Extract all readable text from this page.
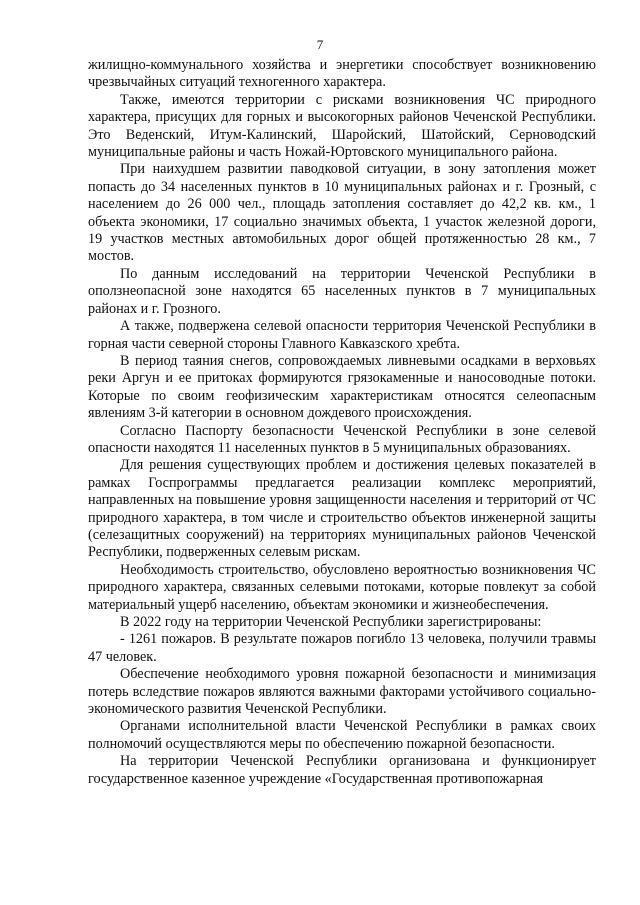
7

жилищно-коммунального хозяйства и энергетики способствует возникновению чрезвычайных ситуаций техногенного характера.

Также, имеются территории с рисками возникновения ЧС природного характера, присущих для горных и высокогорных районов Чеченской Республики. Это Веденский, Итум-Калинский, Шаройский, Шатойский, Серноводский муниципальные районы и часть Ножай-Юртовского муниципального района.

При наихудшем развитии паводковой ситуации, в зону затопления может попасть до 34 населенных пунктов в 10 муниципальных районах и г. Грозный, с населением до 26 000 чел., площадь затопления составляет до 42,2 кв. км., 1 объекта экономики, 17 социально значимых объекта, 1 участок железной дороги, 19 участков местных автомобильных дорог общей протяженностью 28 км., 7 мостов.

По данным исследований на территории Чеченской Республики в оползнеопасной зоне находятся 65 населенных пунктов в 7 муниципальных районах и г. Грозного.

А также, подвержена селевой опасности территория Чеченской Республики в горная части северной стороны Главного Кавказского хребта.

В период таяния снегов, сопровождаемых ливневыми осадками в верховьях реки Аргун и ее притоках формируются грязокаменные и наносоводные потоки. Которые по своим геофизическим характеристикам относятся селеопасным явлениям 3-й категории в основном дождевого происхождения.

Согласно Паспорту безопасности Чеченской Республики в зоне селевой опасности находятся 11 населенных пунктов в 5 муниципальных образованиях.

Для решения существующих проблем и достижения целевых показателей в рамках Госпрограммы предлагается реализации комплекс мероприятий, направленных на повышение уровня защищенности населения и территорий от ЧС природного характера, в том числе и строительство объектов инженерной защиты (селезащитных сооружений) на территориях муниципальных районов Чеченской Республики, подверженных селевым рискам.

Необходимость строительство, обусловлено вероятностью возникновения ЧС природного характера, связанных селевыми потоками, которые повлекут за собой материальный ущерб населению, объектам экономики и жизнеобеспечения.

В 2022 году на территории Чеченской Республики зарегистрированы:

- 1261 пожаров. В результате пожаров погибло 13 человека, получили травмы 47 человек.

Обеспечение необходимого уровня пожарной безопасности и минимизация потерь вследствие пожаров являются важными факторами устойчивого социально-экономического развития Чеченской Республики.

Органами исполнительной власти Чеченской Республики в рамках своих полномочий осуществляются меры по обеспечению пожарной безопасности.

На территории Чеченской Республики организована и функционирует государственное казенное учреждение «Государственная противопожарная
